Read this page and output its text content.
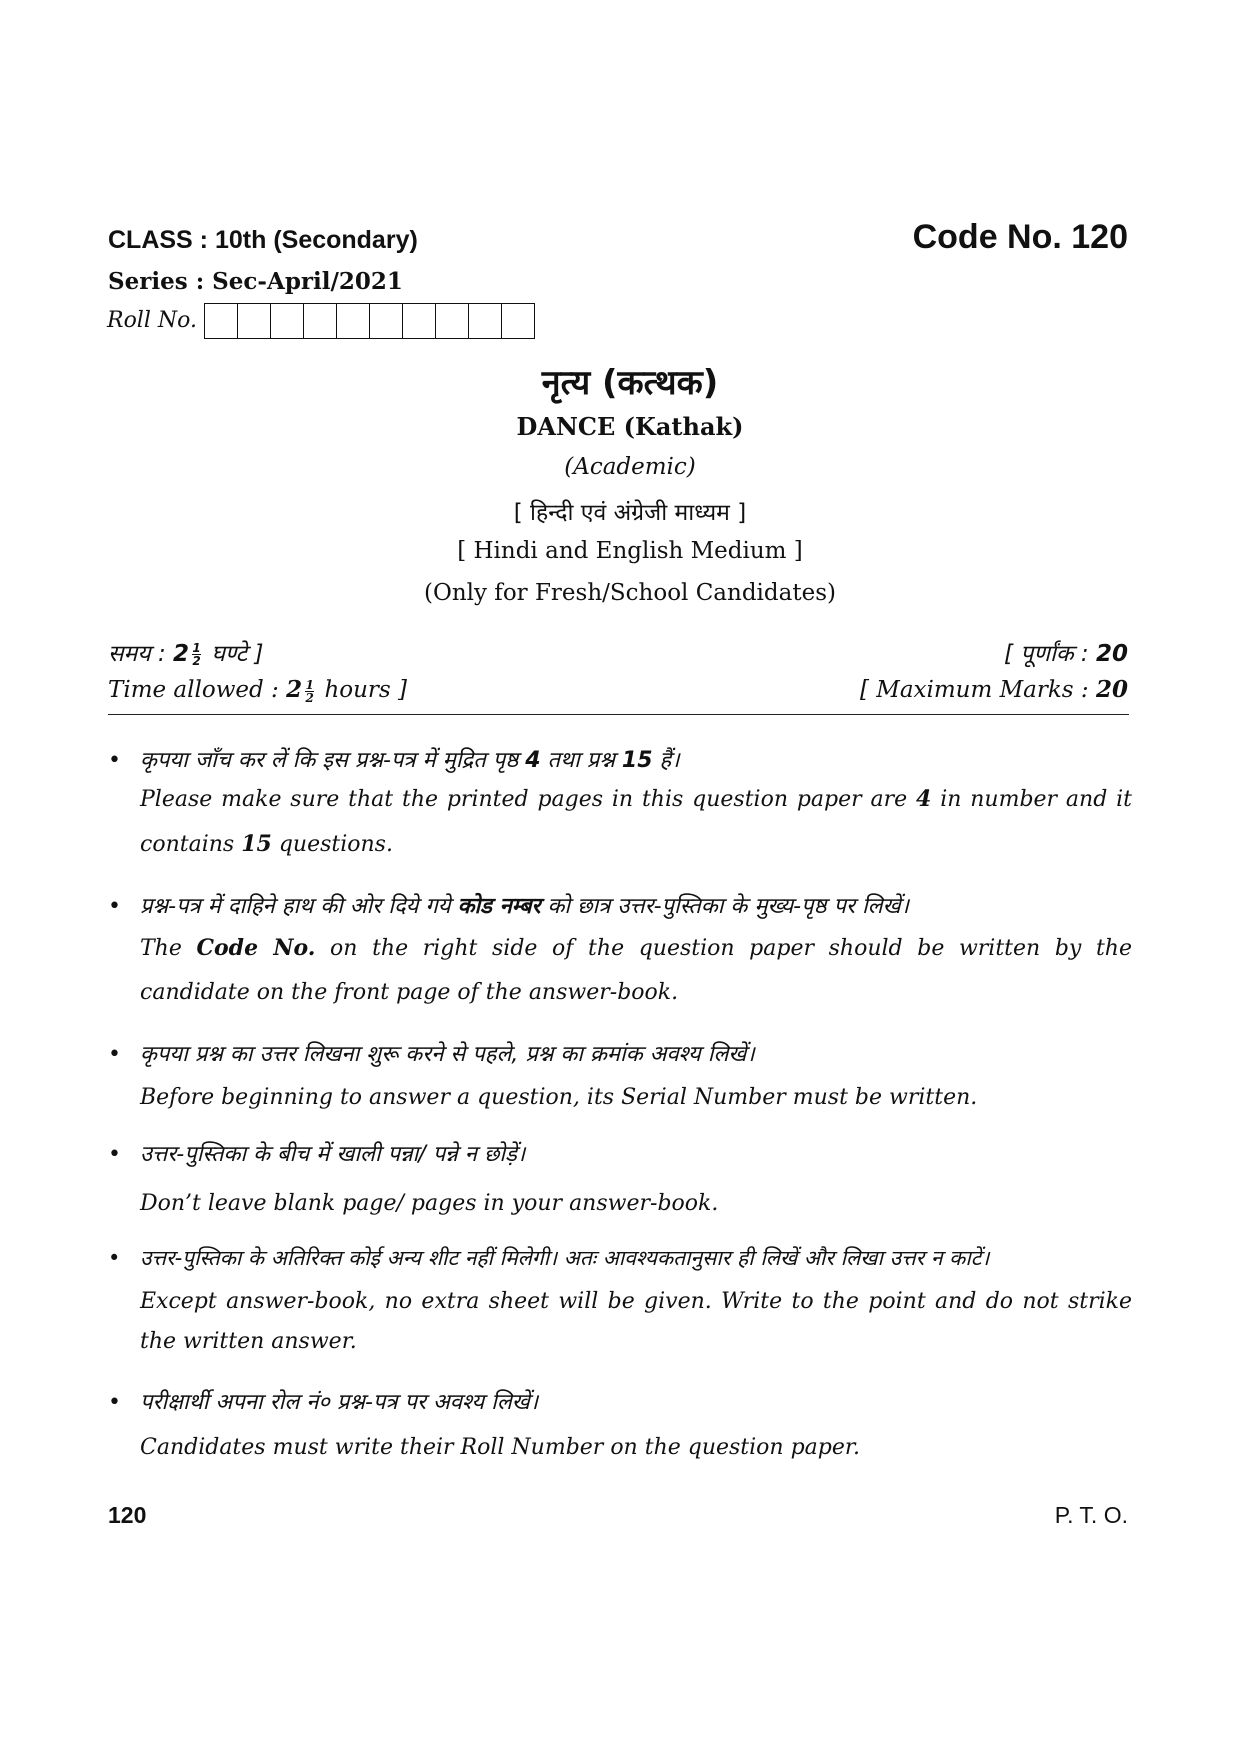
CLASS : 10th (Secondary)	Code No. 120
Series : Sec-April/2021
Roll No.
नृत्य (कत्थक)
DANCE (Kathak)
(Academic)
[ हिन्दी एवं अंग्रेजी माध्यम ]
[ Hindi and English Medium ]
(Only for Fresh/School Candidates)
समय : $2 \frac{1}{2}$ घण्टे ]	[ पूर्णांक : 20
Time allowed : $2 \frac{1}{2}$ hours ]	[ Maximum Marks : 20
• कृपया जाँच कर लें कि इस प्रश्न-पत्र में मुद्रित पृष्ठ 4 तथा प्रश्न 15 हैं।
Please make sure that the printed pages in this question paper are 4 in number and it contains 15 questions.
• प्रश्न-पत्र में दाहिने हाथ की ओर दिये गये कोड नम्बर को छात्र उत्तर-पुस्तिका के मुख्य-पृष्ठ पर लिखें।
The Code No. on the right side of the question paper should be written by the candidate on the front page of the answer-book.
• कृपया प्रश्न का उत्तर लिखना शुरू करने से पहले, प्रश्न का क्रमांक अवश्य लिखें।
Before beginning to answer a question, its Serial Number must be written.
• उत्तर-पुस्तिका के बीच में खाली पन्ना/ पन्ने न छोड़ें।
Don’t leave blank page/ pages in your answer-book.
• उत्तर-पुस्तिका के अतिरिक्त कोई अन्य शीट नहीं मिलेगी। अतः आवश्यकतानुसार ही लिखें और लिखा उत्तर न काटें।
Except answer-book, no extra sheet will be given. Write to the point and do not strike the written answer.
• परीक्षार्थी अपना रोल नं० प्रश्न-पत्र पर अवश्य लिखें।
Candidates must write their Roll Number on the question paper.
120	P. T. O.
